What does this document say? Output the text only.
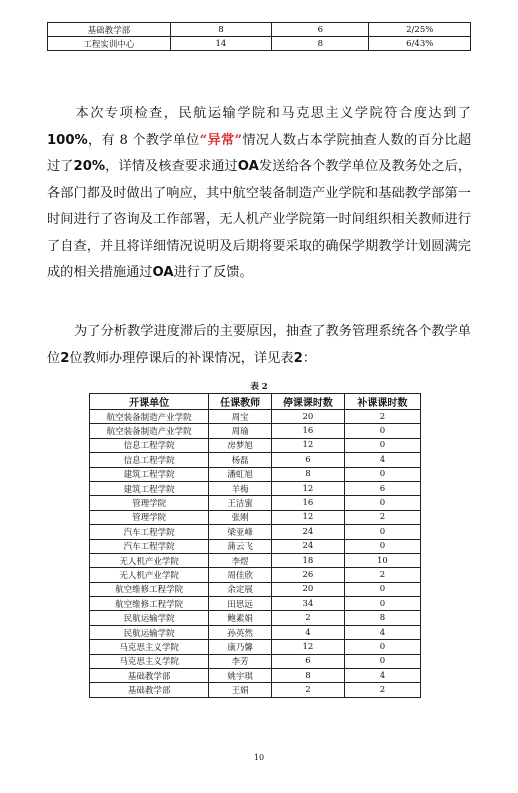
基础教学部	8	6	2/25%
工程实训中心	14	8	6/43%
本次专项检查，民航运输学院和马克思主义学院符合度达到了100%，有 8 个教学单位“异常”情况人数占本学院抽查人数的百分比超过了20%，详情及核查要求通过OA发送给各个教学单位及教务处之后，各部门都及时做出了响应，其中航空装备制造产业学院和基础教学部第一时间进行了咨询及工作部署，无人机产业学院第一时间组织相关教师进行了自查，并且将详细情况说明及后期将要采取的确保学期教学计划圆满完成的相关措施通过OA进行了反馈。
为了分析教学进度滞后的主要原因，抽查了教务管理系统各个教学单位2位教师办理停课后的补课情况，详见表2：
表 2
开课单位	任课教师	停课课时数	补课课时数
航空装备制造产业学院	周宝	20	2
航空装备制造产业学院	周瑜	16	0
信息工程学院	房梦旭	12	0
信息工程学院	杨磊	6	4
建筑工程学院	潘虹旭	8	0
建筑工程学院	羊梅	12	6
管理学院	王洁蜜	16	0
管理学院	张刚	12	2
汽车工程学院	梁亚峰	24	0
汽车工程学院	蒲云飞	24	0
无人机产业学院	李煜	18	10
无人机产业学院	周佳欣	26	2
航空维修工程学院	余定展	20	0
航空维修工程学院	田思远	34	0
民航运输学院	鲍素娟	2	8
民航运输学院	孙英然	4	4
马克思主义学院	康乃馨	12	0
马克思主义学院	李芳	6	0
基础教学部	姚宇琪	8	4
基础教学部	王娟	2	2
10
